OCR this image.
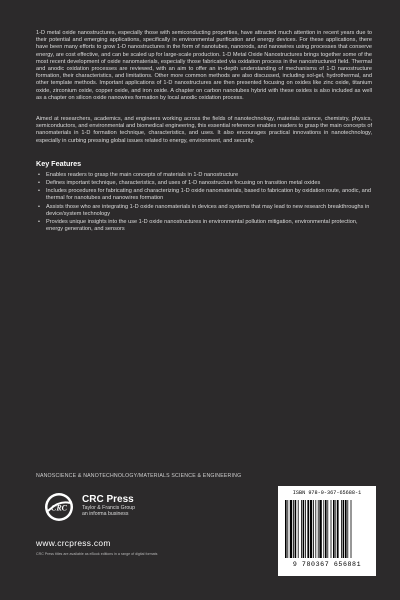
1-D metal oxide nanostructures, especially those with semiconducting properties, have attracted much attention in recent years due to their potential and emerging applications, specifically in environmental purification and energy devices. For these applications, there have been many efforts to grow 1-D nanostructures in the form of nanotubes, nanorods, and nanowires using processes that conserve energy, are cost effective, and can be scaled up for large-scale production. 1-D Metal Oxide Nanostructures brings together some of the most recent development of oxide nanomaterials, especially those fabricated via oxidation process in the nanostructured field. Thermal and anodic oxidation processes are reviewed, with an aim to offer an in-depth understanding of mechanisms of 1-D nanostructure formation, their characteristics, and limitations. Other more common methods are also discussed, including sol-gel, hydrothermal, and other template methods. Important applications of 1-D nanostructures are then presented focusing on oxides like zinc oxide, titanium oxide, zirconium oxide, copper oxide, and iron oxide. A chapter on carbon nanotubes hybrid with these oxides is also included as well as a chapter on silicon oxide nanowires formation by local anodic oxidation process.

Aimed at researchers, academics, and engineers working across the fields of nanotechnology, materials science, chemistry, physics, semiconductors, and environmental and biomedical engineering, this essential reference enables readers to grasp the main concepts of nanomaterials in 1-D formation technique, characteristics, and uses. It also encourages practical innovations in nanotechnology, especially in curbing pressing global issues related to energy, environment, and security.

Key Features
• Enables readers to grasp the main concepts of materials in 1-D nanostructure
• Defines important technique, characteristics, and uses of 1-D nanostructure focusing on transition metal oxides
• Includes procedures for fabricating and characterizing 1-D oxide nanomaterials, based to fabrication by oxidation route, anodic, and thermal for nanotubes and nanowires formation
• Assists those who are integrating 1-D oxide nanomaterials in devices and systems that may lead to new research breakthroughs in device/system technology
• Provides unique insights into the use 1-D oxide nanostructures in environmental pollution mitigation, environmental protection, energy generation, and sensors
NANOSCIENCE & NANOTECHNOLOGY/MATERIALS SCIENCE & ENGINEERING
CRC
CRC Press
Taylor & Francis Group
an informa business
www.crcpress.com
CRC Press titles are available as eBook editions in a range of digital formats
ISBN 978-0-367-65688-1
9 780367 656881
